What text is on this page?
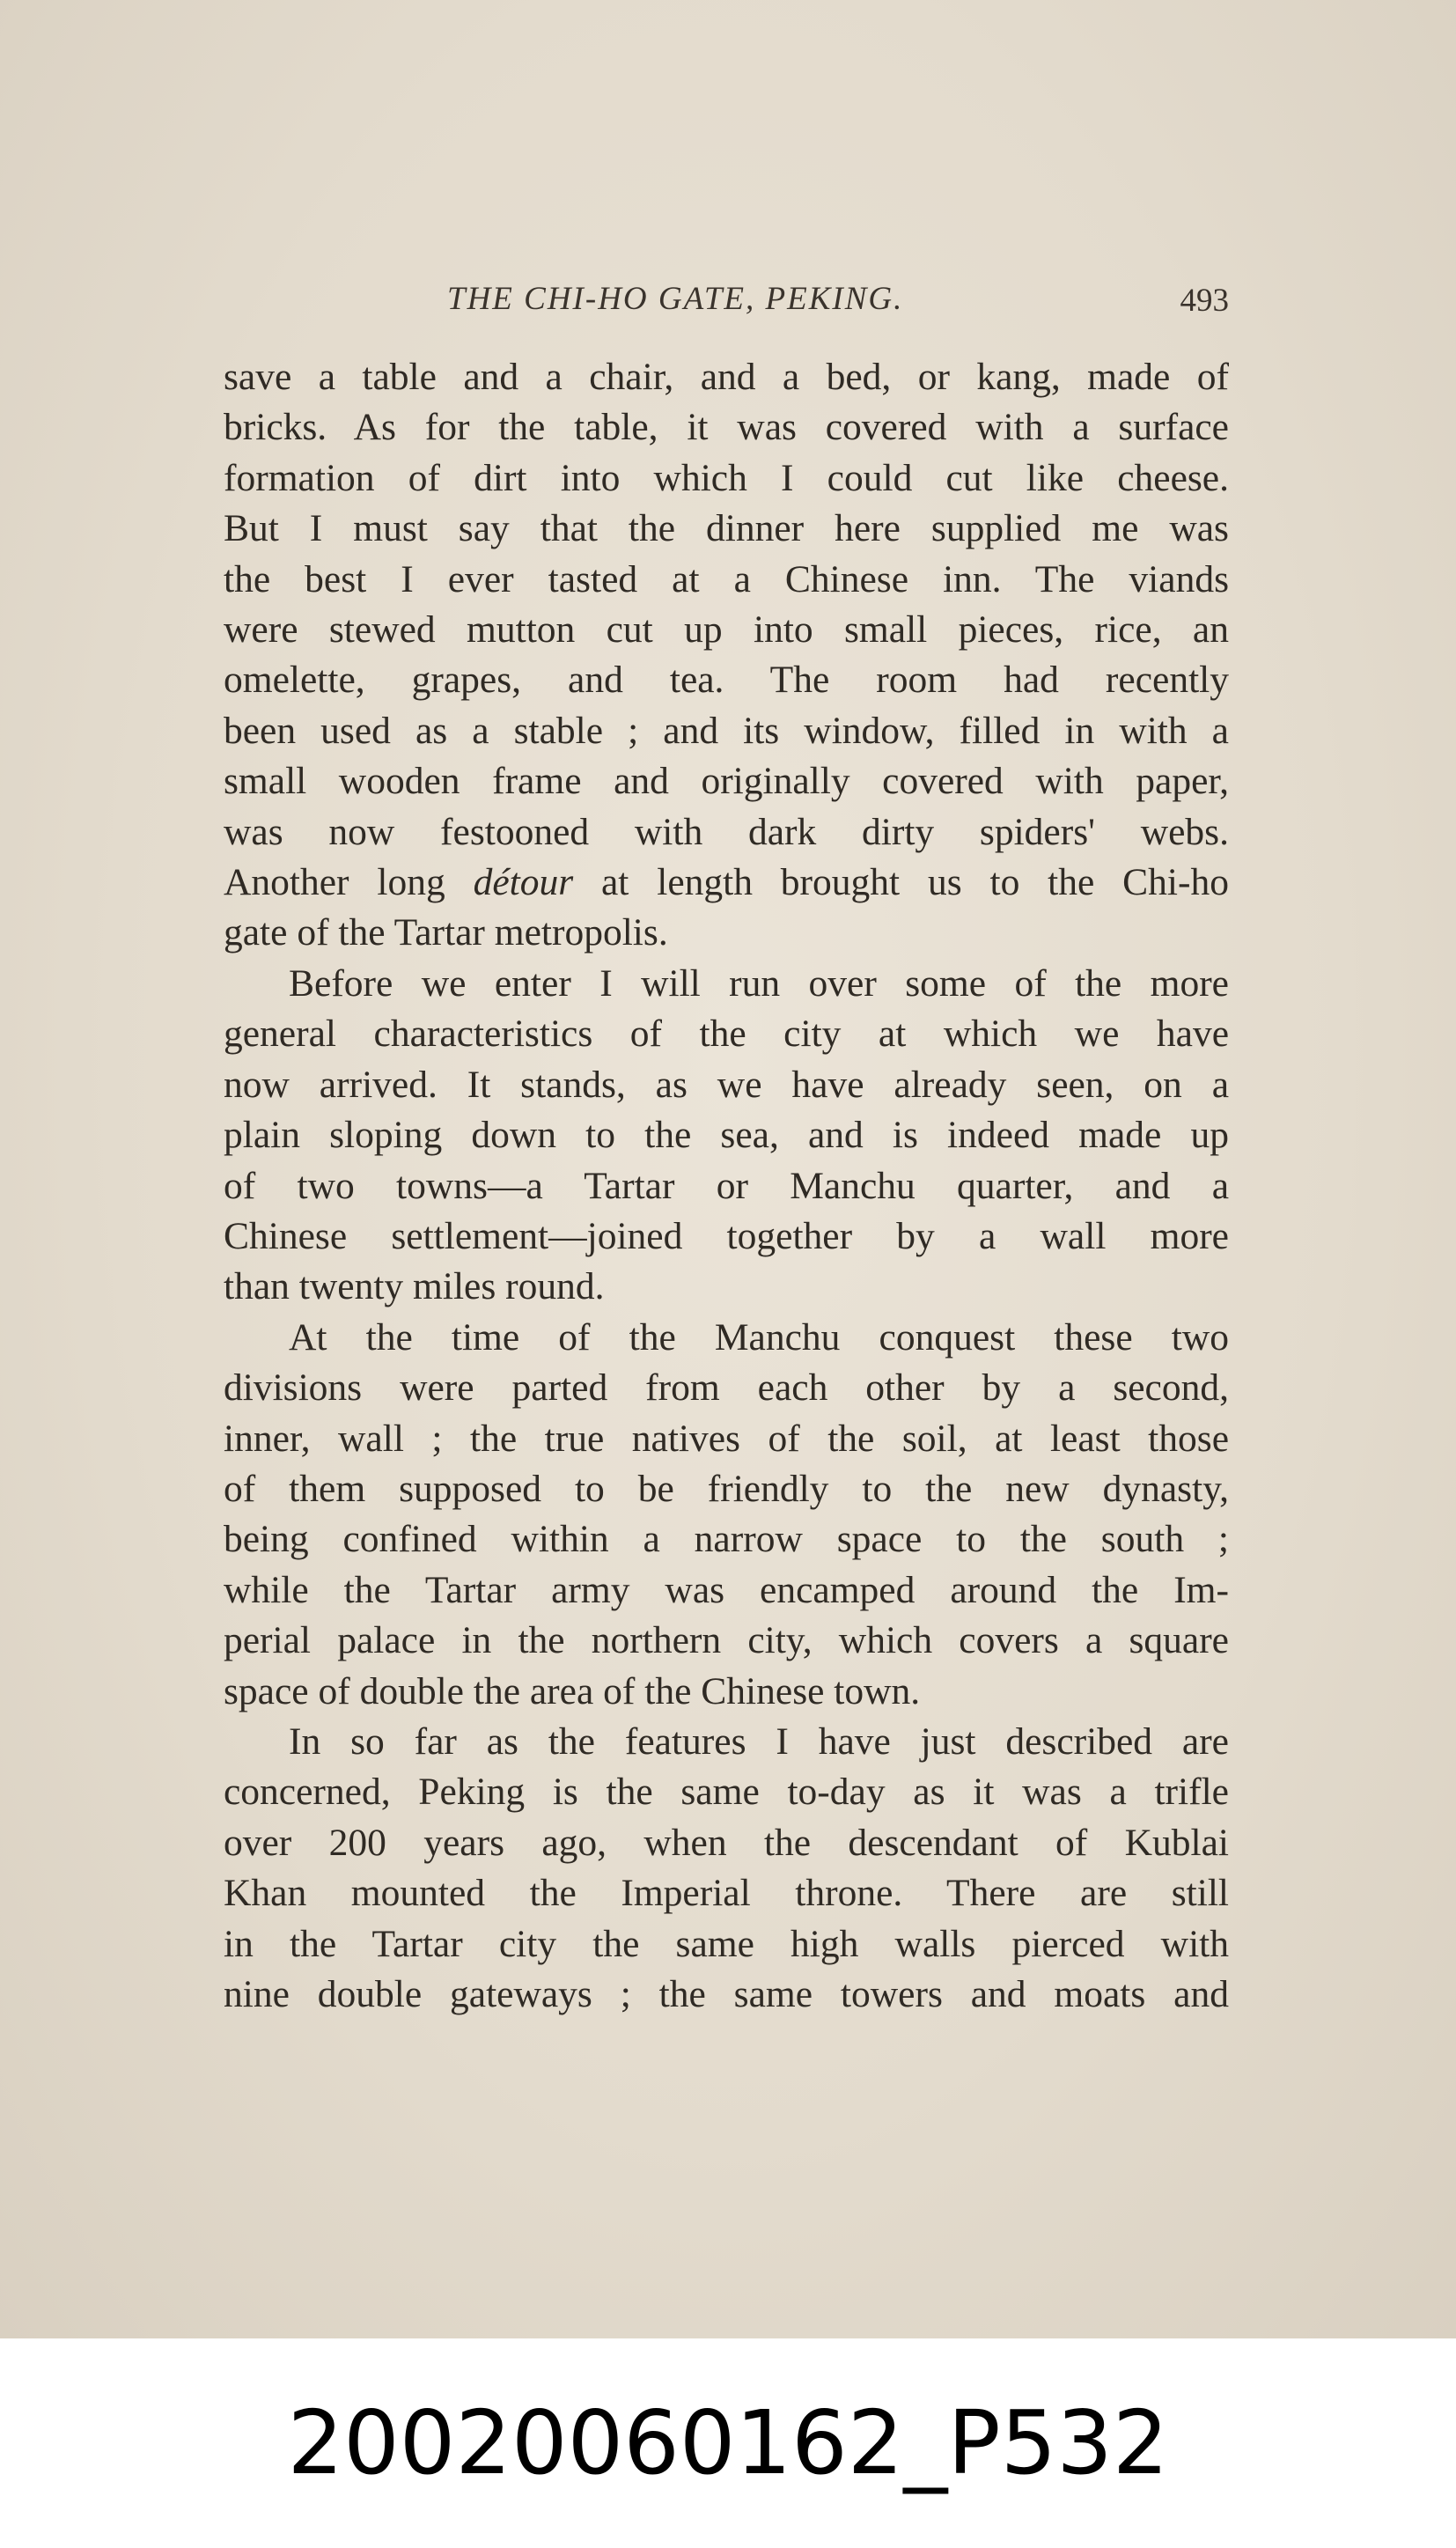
THE CHI-HO GATE, PEKING.	493

save a table and a chair, and a bed, or kang, made of
bricks. As for the table, it was covered with a surface
formation of dirt into which I could cut like cheese.
But I must say that the dinner here supplied me was
the best I ever tasted at a Chinese inn. The viands
were stewed mutton cut up into small pieces, rice, an
omelette, grapes, and tea. The room had recently
been used as a stable ; and its window, filled in with a
small wooden frame and originally covered with paper,
was now festooned with dark dirty spiders' webs.
Another long détour at length brought us to the Chi-ho
gate of the Tartar metropolis.

Before we enter I will run over some of the more
general characteristics of the city at which we have
now arrived. It stands, as we have already seen, on a
plain sloping down to the sea, and is indeed made up
of two towns—a Tartar or Manchu quarter, and a
Chinese settlement—joined together by a wall more
than twenty miles round.

At the time of the Manchu conquest these two
divisions were parted from each other by a second,
inner, wall ; the true natives of the soil, at least those
of them supposed to be friendly to the new dynasty,
being confined within a narrow space to the south ;
while the Tartar army was encamped around the Im-
perial palace in the northern city, which covers a square
space of double the area of the Chinese town.

In so far as the features I have just described are
concerned, Peking is the same to-day as it was a trifle
over 200 years ago, when the descendant of Kublai
Khan mounted the Imperial throne. There are still
in the Tartar city the same high walls pierced with
nine double gateways ; the same towers and moats and

20020060162_P532
